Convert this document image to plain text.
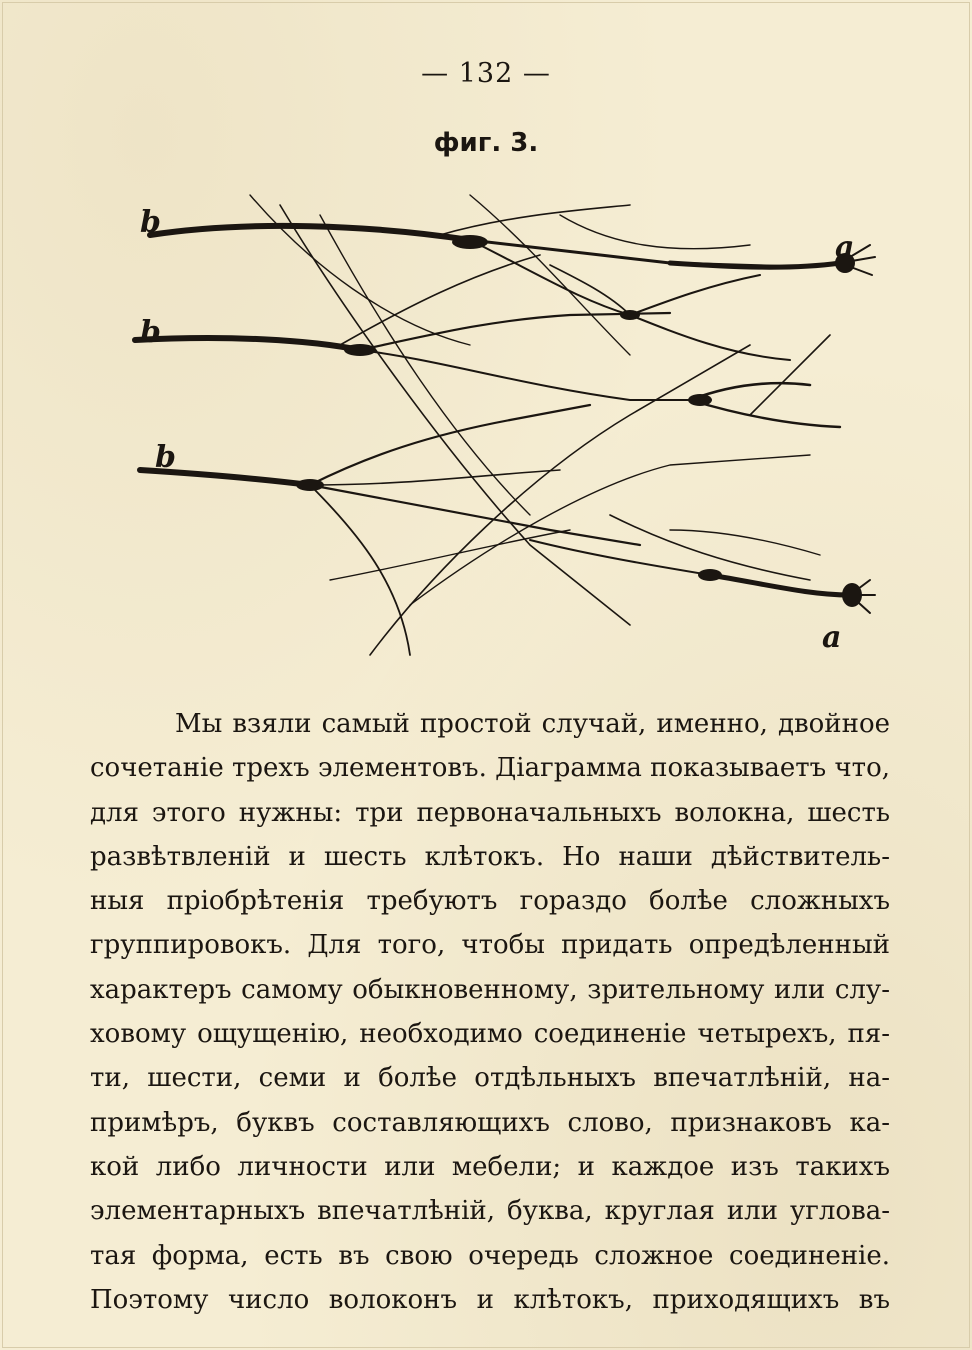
— 132 —
фиг. 3.
b
b
b
a
a
Мы взяли самый простой случай, именно, двойное
сочетанiе трехъ элементовъ. Дiаграмма показываетъ что,
для этого нужны: три первоначальныхъ волокна, шесть
развѣтвленiй и шесть клѣтокъ. Но наши дѣйствитель-
ныя прiобрѣтенiя требуютъ гораздо болѣе сложныхъ
группировокъ. Для того, чтобы придать опредѣленный
характеръ самому обыкновенному, зрительному или слу-
ховому ощущенiю, необходимо соединенiе четырехъ, пя-
ти, шести, семи и болѣе отдѣльныхъ впечатлѣнiй, на-
примѣръ, буквъ составляющихъ слово, признаковъ ка-
кой либо личности или мебели; и каждое изъ такихъ
элементарныхъ впечатлѣнiй, буква, круглая или углова-
тая форма, есть въ свою очередь сложное соединенiе.
Поэтому число волоконъ и клѣтокъ, приходящихъ въ
